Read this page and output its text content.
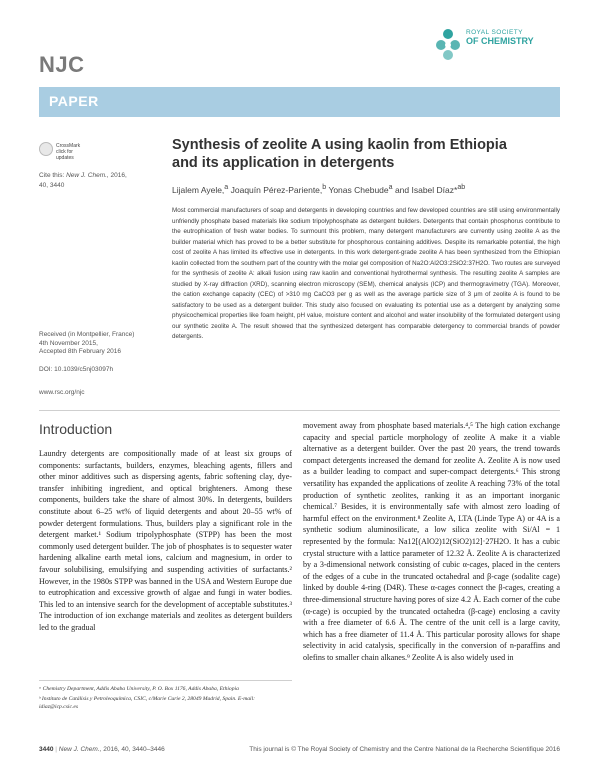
NJC
ROYAL SOCIETY
OF CHEMISTRY
PAPER
CrossMark
click for updates
Cite this: New J. Chem., 2016,
40, 3440
Synthesis of zeolite A using kaolin from Ethiopia and its application in detergents
Lijalem Ayele,$^a$ Joaquín Pérez-Pariente,$^b$ Yonas Chebude$^a$ and Isabel Díaz*$^{ab}$

Most commercial manufacturers of soap and detergents in developing countries and few developed countries are still using environmentally unfriendly phosphate based materials like sodium tripolyphosphate as detergent builders. Detergents that contain phosphorus contribute to the eutrophication of fresh water bodies. To surmount this problem, many detergent manufacturers are currently using zeolite A as the builder material which has proved to be a better substitute for phosphorous containing additives. Despite its remarkable potential, the high cost of zeolite A has limited its effective use in detergents. In this work detergent-grade zeolite A has been synthesized from the Ethiopian kaolin collected from the southern part of the country with the molar gel composition of Na2O:Al2O3:2SiO2:37H2O. Two routes are surveyed for the synthesis of zeolite A: alkali fusion using raw kaolin and conventional hydrothermal synthesis. The resulting zeolite A samples are studied by X-ray diffraction (XRD), scanning electron microscopy (SEM), chemical analysis (ICP) and thermogravimetry (TGA). Moreover, the cation exchange capacity (CEC) of >310 mg CaCO3 per g as well as the average particle size of 3 μm of zeolite A is found to be satisfactory to be used as a detergent builder. This study also focused on evaluating its potential use as a detergent by analyzing some physicochemical properties like foam height, pH value, moisture content and alcohol and water insolubility of the formulated detergent using our synthetic zeolite A. The result showed that the synthesized detergent has comparable detergency to commercial brands of powder detergents.

Received (in Montpellier, France)
4th November 2015,
Accepted 8th February 2016
DOI: 10.1039/c5nj03097h
www.rsc.org/njc
Introduction

Laundry detergents are compositionally made of at least six groups of components: surfactants, builders, enzymes, bleaching agents, fillers and other minor additives such as dispersing agents, fabric softening clay, dye-transfer inhibiting ingredient, and optical brighteners. Among these components, builders take the share of almost 30%. In detergents, builders constitute about 6–25 wt% of liquid detergents and about 20–55 wt% of powder detergent formulations. Thus, builders play a significant role in the detergent market.¹ Sodium tripolyphosphate (STPP) has been the most commonly used detergent builder. The job of phosphates is to sequester water hardening alkaline earth metal ions, calcium and magnesium, in order to favour solubilising, emulsifying and suspending activities of surfactants.² However, in the 1980s STPP was banned in the USA and Western Europe due to eutrophication and excessive growth of algae and fungi in water bodies. This led to an intensive search for the development of acceptable substitutes.³ The introduction of ion exchange materials and zeolites as detergent builders led to the gradual

movement away from phosphate based materials.⁴,⁵ The high cation exchange capacity and special particle morphology of zeolite A make it a viable alternative as a detergent builder. Over the past 20 years, the trend towards compact detergents increased the demand for zeolite A. Zeolite A is now used as a builder leading to compact and super-compact detergents.⁶ This strong versatility has expanded the applications of zeolite A reaching 73% of the total production of synthetic zeolites, ranking it as an important inorganic chemical.⁷ Besides, it is environmentally safe with almost zero loading of harmful effect on the environment.⁸ Zeolite A, LTA (Linde Type A) or 4A is a synthetic sodium aluminosilicate, a low silica zeolite with Si/Al = 1 represented by the formula: Na12[(AlO2)12(SiO2)12]·27H2O. It has a cubic crystal structure with a lattice parameter of 12.32 Å. Zeolite A is characterized by a 3-dimensional network consisting of cubic α-cages, placed in the centers of the edges of a cube in the truncated octahedral and β-cage (sodalite cage) linked by double 4-ring (D4R). These α-cages connect the β-cages, creating a three-dimensional structure having pores of size 4.2 Å. Each corner of the cube (α-cage) is occupied by the truncated octahedra (β-cage) enclosing a cavity with a free diameter of 6.6 Å. The centre of the unit cell is a large cavity, which has a free diameter of 11.4 Å. This particular porosity allows for shape selectivity in acid catalysis, specifically in the conversion of n-paraffins and olefins to smaller chain alkanes.⁹ Zeolite A is also widely used in

ᵃ Chemistry Department, Addis Ababa University, P. O. Box 1176, Addis Ababa, Ethiopia

ᵇ Instituto de Catálisis y Petroleoquímica, CSIC, c/Marie Curie 2, 28049 Madrid, Spain. E-mail: idiaz@icp.csic.es

3440 | New J. Chem., 2016, 40, 3440–3446	This journal is © The Royal Society of Chemistry and the Centre National de la Recherche Scientifique 2016
